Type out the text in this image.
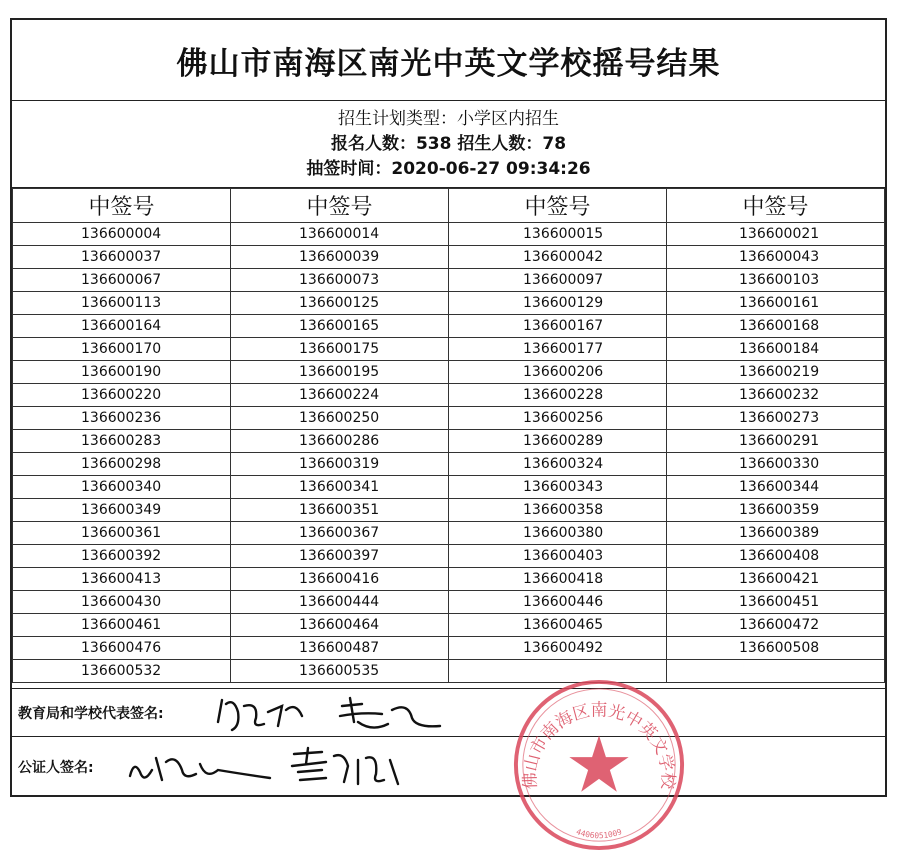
佛山市南海区南光中英文学校摇号结果
招生计划类型：小学区内招生
报名人数：538 招生人数：78
抽签时间：2020-06-27 09:34:26
中签号	中签号	中签号	中签号
136600004	136600014	136600015	136600021
136600037	136600039	136600042	136600043
136600067	136600073	136600097	136600103
136600113	136600125	136600129	136600161
136600164	136600165	136600167	136600168
136600170	136600175	136600177	136600184
136600190	136600195	136600206	136600219
136600220	136600224	136600228	136600232
136600236	136600250	136600256	136600273
136600283	136600286	136600289	136600291
136600298	136600319	136600324	136600330
136600340	136600341	136600343	136600344
136600349	136600351	136600358	136600359
136600361	136600367	136600380	136600389
136600392	136600397	136600403	136600408
136600413	136600416	136600418	136600421
136600430	136600444	136600446	136600451
136600461	136600464	136600465	136600472
136600476	136600487	136600492	136600508
136600532	136600535		
教育局和学校代表签名:
公证人签名:
佛山市南海区南光中英文学校
4406051009
